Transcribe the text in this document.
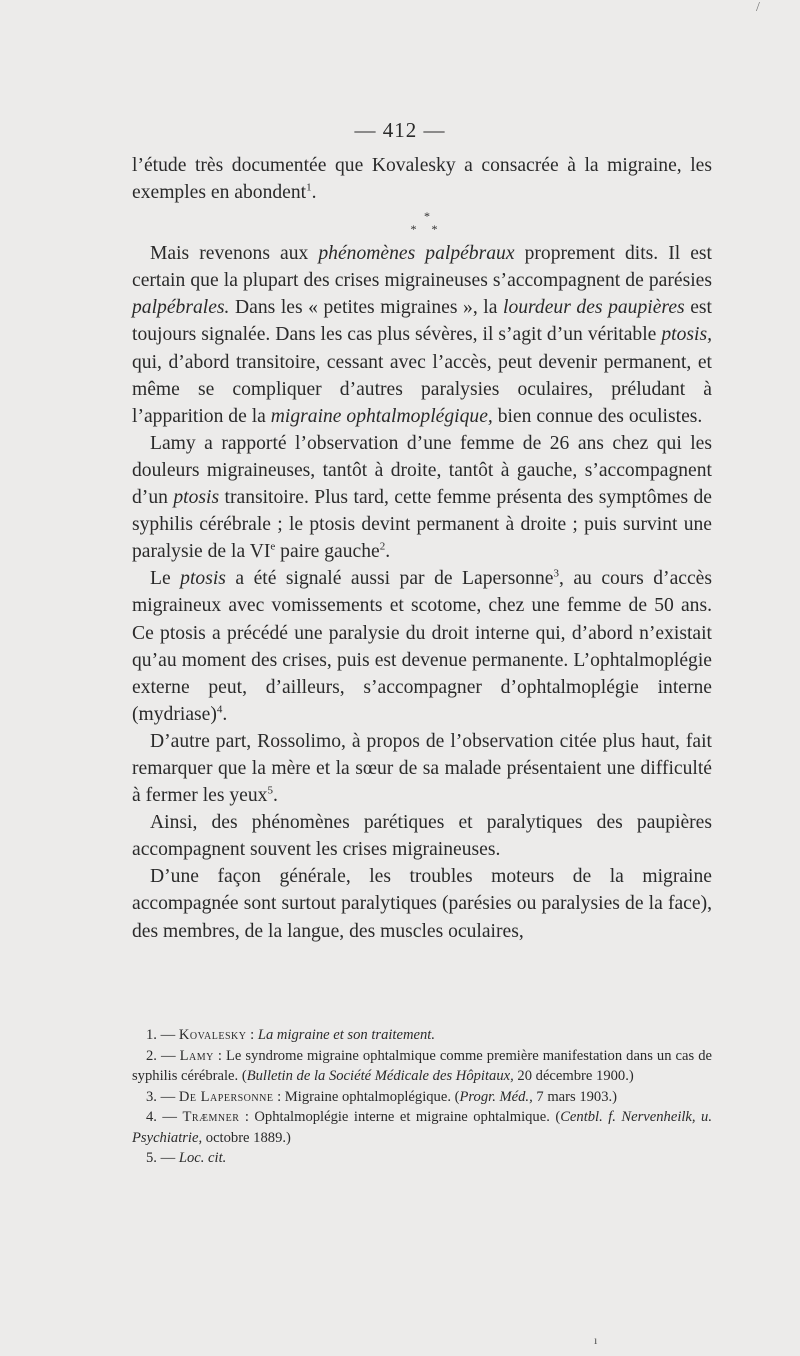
/
— 412 —

l’étude très documentée que Kovalesky a consacrée à la migraine, les exemples en abondent$^1$.

*
* *

Mais revenons aux phénomènes palpébraux proprement dits. Il est certain que la plupart des crises migraineuses s’accompagnent de parésies palpébrales. Dans les « petites migraines », la lourdeur des paupières est toujours signalée. Dans les cas plus sévères, il s’agit d’un véritable ptosis, qui, d’abord transitoire, cessant avec l’accès, peut devenir permanent, et même se compliquer d’autres paralysies oculaires, préludant à l’apparition de la migraine ophtalmoplégique, bien connue des oculistes.

Lamy a rapporté l’observation d’une femme de 26 ans chez qui les douleurs migraineuses, tantôt à droite, tantôt à gauche, s’accompagnent d’un ptosis transitoire. Plus tard, cette femme présenta des symptômes de syphilis cérébrale ; le ptosis devint permanent à droite ; puis survint une paralysie de la VIe paire gauche$^2$.

Le ptosis a été signalé aussi par de Lapersonne$^3$, au cours d’accès migraineux avec vomissements et scotome, chez une femme de 50 ans. Ce ptosis a précédé une paralysie du droit interne qui, d’abord n’existait qu’au moment des crises, puis est devenue permanente. L’ophtalmoplégie externe peut, d’ailleurs, s’accompagner d’ophtalmoplégie interne (mydriase)$^4$.

D’autre part, Rossolimo, à propos de l’observation citée plus haut, fait remarquer que la mère et la sœur de sa malade présentaient une difficulté à fermer les yeux$^5$.

Ainsi, des phénomènes parétiques et paralytiques des paupières accompagnent souvent les crises migraineuses.

D’une façon générale, les troubles moteurs de la migraine accompagnée sont surtout paralytiques (parésies ou paralysies de la face), des membres, de la langue, des muscles oculaires,

1. — Kovalesky : La migraine et son traitement.

2. — Lamy : Le syndrome migraine ophtalmique comme première manifestation dans un cas de syphilis cérébrale. (Bulletin de la Société Médicale des Hôpitaux, 20 décembre 1900.)

3. — De Lapersonne : Migraine ophtalmoplégique. (Progr. Méd., 7 mars 1903.)

4. — Træmner : Ophtalmoplégie interne et migraine ophtalmique. (Centbl. f. Nervenheilk, u. Psychiatrie, octobre 1889.)

5. — Loc. cit.

ı
